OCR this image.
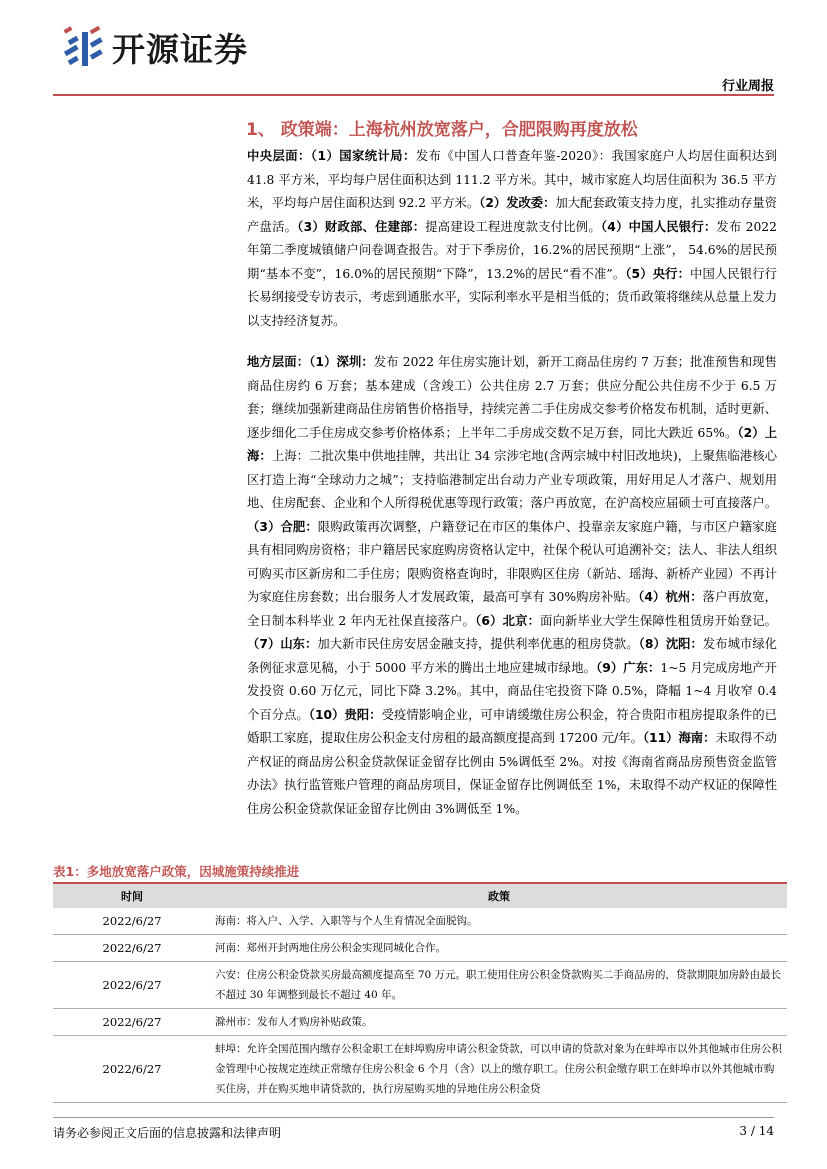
开源证券
行业周报
1、 政策端：上海杭州放宽落户，合肥限购再度放松
中央层面：（1）国家统计局：发布《中国人口普查年鉴-2020》：我国家庭户人均居住面积达到 41.8 平方米，平均每户居住面积达到 111.2 平方米。其中，城市家庭人均居住面积为 36.5 平方米，平均每户居住面积达到 92.2 平方米。（2）发改委：加大配套政策支持力度，扎实推动存量资产盘活。（3）财政部、住建部：提高建设工程进度款支付比例。（4）中国人民银行：发布 2022 年第二季度城镇储户问卷调查报告。对于下季房价，16.2%的居民预期“上涨”， 54.6%的居民预期“基本不变”，16.0%的居民预期“下降”，13.2%的居民“看不准”。（5）央行：中国人民银行行长易纲接受专访表示，考虑到通胀水平，实际利率水平是相当低的；货币政策将继续从总量上发力以支持经济复苏。
地方层面：（1）深圳：发布 2022 年住房实施计划，新开工商品住房约 7 万套；批准预售和现售商品住房约 6 万套；基本建成（含竣工）公共住房 2.7 万套；供应分配公共住房不少于 6.5 万套；继续加强新建商品住房销售价格指导，持续完善二手住房成交参考价格发布机制，适时更新、逐步细化二手住房成交参考价格体系；上半年二手房成交数不足万套，同比大跌近 65%。（2）上海：上海：二批次集中供地挂牌，共出让 34 宗涉宅地(含两宗城中村旧改地块)，上聚焦临港核心区打造上海“全球动力之城”；支持临港制定出台动力产业专项政策，用好用足人才落户、规划用地、住房配套、企业和个人所得税优惠等现行政策；落户再放宽，在沪高校应届硕士可直接落户。（3）合肥：限购政策再次调整，户籍登记在市区的集体户、投靠亲友家庭户籍，与市区户籍家庭具有相同购房资格；非户籍居民家庭购房资格认定中，社保个税认可追溯补交；法人、非法人组织可购买市区新房和二手住房；限购资格查询时，非限购区住房（新站、瑶海、新桥产业园）不再计为家庭住房套数；出台服务人才发展政策，最高可享有 30%购房补贴。（4）杭州：落户再放宽，全日制本科毕业 2 年内无社保直接落户。（6）北京：面向新毕业大学生保障性租赁房开始登记。（7）山东：加大新市民住房安居金融支持，提供利率优惠的租房贷款。（8）沈阳：发布城市绿化条例征求意见稿，小于 5000 平方米的腾出土地应建城市绿地。（9）广东：1~5 月完成房地产开发投资 0.60 万亿元，同比下降 3.2%。其中，商品住宅投资下降 0.5%，降幅 1~4 月收窄 0.4 个百分点。（10）贵阳：受疫情影响企业，可申请缓缴住房公积金，符合贵阳市租房提取条件的已婚职工家庭，提取住房公积金支付房租的最高额度提高到 17200 元/年。（11）海南：未取得不动产权证的商品房公积金贷款保证金留存比例由 5%调低至 2%。对按《海南省商品房预售资金监管办法》执行监管账户管理的商品房项目，保证金留存比例调低至 1%，未取得不动产权证的保障性住房公积金贷款保证金留存比例由 3%调低至 1%。
表1：多地放宽落户政策，因城施策持续推进
时间	政策
2022/6/27	海南：将入户、入学、入职等与个人生育情况全面脱钩。
2022/6/27	河南：郑州开封两地住房公积金实现同城化合作。
2022/6/27	六安：住房公积金贷款买房最高额度提高至 70 万元。职工使用住房公积金贷款购买二手商品房的，贷款期限加房龄由最长不超过 30 年调整到最长不超过 40 年。
2022/6/27	滁州市：发布人才购房补贴政策。
2022/6/27	蚌埠：允许全国范围内缴存公积金职工在蚌埠购房申请公积金贷款，可以申请的贷款对象为在蚌埠市以外其他城市住房公积金管理中心按规定连续正常缴存住房公积金 6 个月（含）以上的缴存职工。住房公积金缴存职工在蚌埠市以外其他城市购买住房，并在购买地申请贷款的，执行房屋购买地的异地住房公积金贷
请务必参阅正文后面的信息披露和法律声明	3 / 14
